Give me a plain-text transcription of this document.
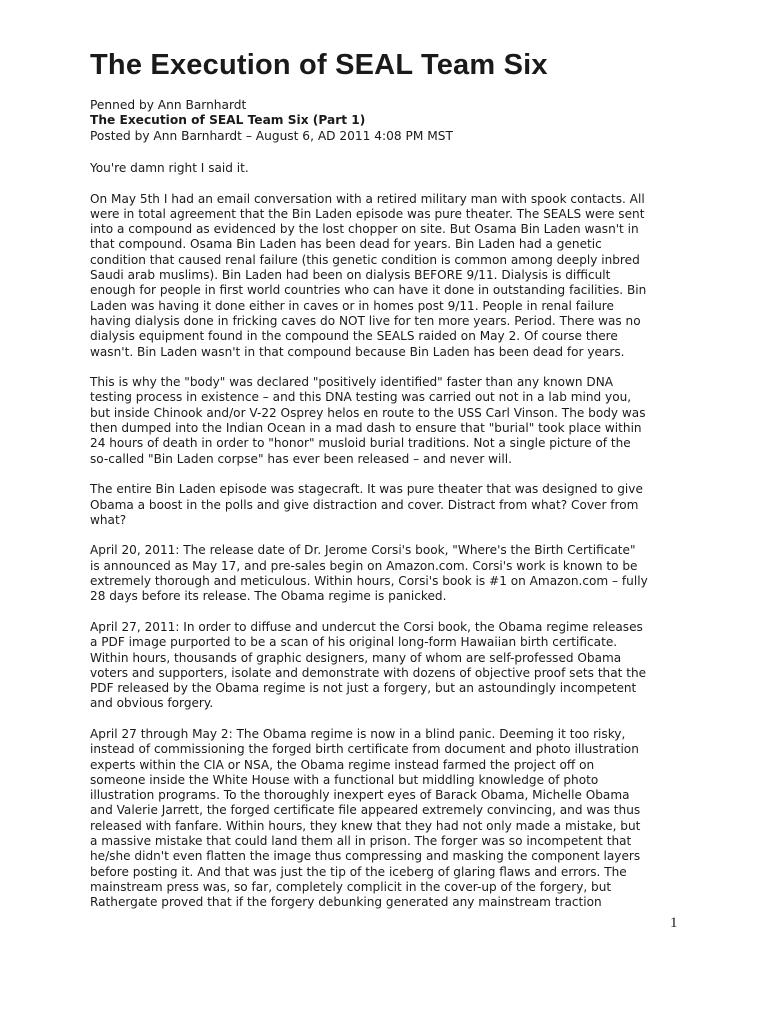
The Execution of SEAL Team Six
Penned by Ann Barnhardt
The Execution of SEAL Team Six (Part 1)
Posted by Ann Barnhardt – August 6, AD 2011 4:08 PM MST

You're damn right I said it.

On May 5th I had an email conversation with a retired military man with spook contacts. All
were in total agreement that the Bin Laden episode was pure theater. The SEALS were sent
into a compound as evidenced by the lost chopper on site. But Osama Bin Laden wasn't in
that compound. Osama Bin Laden has been dead for years. Bin Laden had a genetic
condition that caused renal failure (this genetic condition is common among deeply inbred
Saudi arab muslims). Bin Laden had been on dialysis BEFORE 9/11. Dialysis is difficult
enough for people in first world countries who can have it done in outstanding facilities. Bin
Laden was having it done either in caves or in homes post 9/11. People in renal failure
having dialysis done in fricking caves do NOT live for ten more years. Period. There was no
dialysis equipment found in the compound the SEALS raided on May 2. Of course there
wasn't. Bin Laden wasn't in that compound because Bin Laden has been dead for years.

This is why the "body" was declared "positively identified" faster than any known DNA
testing process in existence – and this DNA testing was carried out not in a lab mind you,
but inside Chinook and/or V-22 Osprey helos en route to the USS Carl Vinson. The body was
then dumped into the Indian Ocean in a mad dash to ensure that "burial" took place within
24 hours of death in order to "honor" musloid burial traditions. Not a single picture of the
so-called "Bin Laden corpse" has ever been released – and never will.

The entire Bin Laden episode was stagecraft. It was pure theater that was designed to give
Obama a boost in the polls and give distraction and cover. Distract from what? Cover from
what?

April 20, 2011: The release date of Dr. Jerome Corsi's book, "Where's the Birth Certificate"
is announced as May 17, and pre-sales begin on Amazon.com. Corsi's work is known to be
extremely thorough and meticulous. Within hours, Corsi's book is #1 on Amazon.com – fully
28 days before its release. The Obama regime is panicked.

April 27, 2011: In order to diffuse and undercut the Corsi book, the Obama regime releases
a PDF image purported to be a scan of his original long-form Hawaiian birth certificate.
Within hours, thousands of graphic designers, many of whom are self-professed Obama
voters and supporters, isolate and demonstrate with dozens of objective proof sets that the
PDF released by the Obama regime is not just a forgery, but an astoundingly incompetent
and obvious forgery.

April 27 through May 2: The Obama regime is now in a blind panic. Deeming it too risky,
instead of commissioning the forged birth certificate from document and photo illustration
experts within the CIA or NSA, the Obama regime instead farmed the project off on
someone inside the White House with a functional but middling knowledge of photo
illustration programs. To the thoroughly inexpert eyes of Barack Obama, Michelle Obama
and Valerie Jarrett, the forged certificate file appeared extremely convincing, and was thus
released with fanfare. Within hours, they knew that they had not only made a mistake, but
a massive mistake that could land them all in prison. The forger was so incompetent that
he/she didn't even flatten the image thus compressing and masking the component layers
before posting it. And that was just the tip of the iceberg of glaring flaws and errors. The
mainstream press was, so far, completely complicit in the cover-up of the forgery, but
Rathergate proved that if the forgery debunking generated any mainstream traction

1
